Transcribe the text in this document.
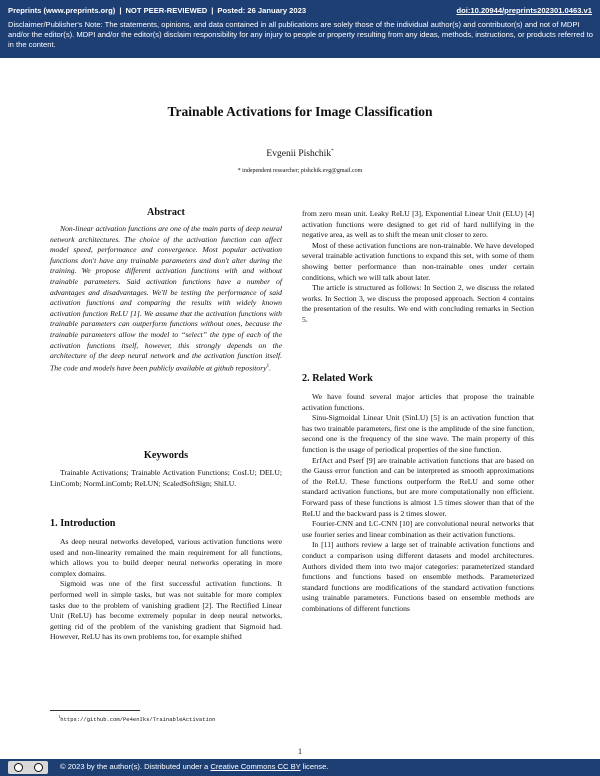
Preprints (www.preprints.org) | NOT PEER-REVIEWED | Posted: 26 January 2023	doi:10.20944/preprints202301.0463.v1
Disclaimer/Publisher's Note: The statements, opinions, and data contained in all publications are solely those of the individual author(s) and contributor(s) and not of MDPI and/or the editor(s). MDPI and/or the editor(s) disclaim responsibility for any injury to people or property resulting from any ideas, methods, instructions, or products referred to in the content.
Trainable Activations for Image Classification
Evgenii Pishchik*
* independent researcher; pishchik.evg@gmail.com
Abstract

Non-linear activation functions are one of the main parts of deep neural network architectures. The choice of the activation function can affect model speed, performance and convergence. Most popular activation functions don't have any trainable parameters and don't alter during the training. We propose different activation functions with and without trainable parameters. Said activation functions have a number of advantages and disadvantages. We'll be testing the performance of said activation functions and comparing the results with widely known activation function ReLU [1]. We assume that the activation functions with trainable parameters can outperform functions without ones, because the trainable parameters allow the model to “select” the type of each of the activation functions itself, however, this strongly depends on the architecture of the deep neural network and the activation function itself. The code and models have been publicly available at github repository$^1$.

Keywords

Trainable Activations; Trainable Activation Functions; CosLU; DELU; LinComb; NormLinComb; ReLUN; ScaledSoftSign; ShiLU.

1. Introduction

As deep neural networks developed, various activation functions were used and non-linearity remained the main requirement for all functions, which allows you to build deeper neural networks operating in more complex domains.

Sigmoid was one of the first successful activation functions. It performed well in simple tasks, but was not suitable for more complex tasks due to the problem of vanishing gradient [2]. The Rectified Linear Unit (ReLU) has become extremely popular in deep neural networks, getting rid of the problem of the vanishing gradient that Sigmoid had. However, ReLU has its own problems too, for example shifted

from zero mean unit. Leaky ReLU [3], Exponential Linear Unit (ELU) [4] activation functions were designed to get rid of hard nullifying in the negative area, as well as to shift the mean unit closer to zero.

Most of these activation functions are non-trainable. We have developed several trainable activation functions to expand this set, with some of them showing better performance than non-trainable ones under certain conditions, which we will talk about later.

The article is structured as follows: In Section 2, we discuss the related works. In Section 3, we discuss the proposed approach. Section 4 contains the presentation of the results. We end with concluding remarks in Section 5.

2. Related Work

We have found several major articles that propose the trainable activation functions.

Sinu-Sigmoidal Linear Unit (SinLU) [5] is an activation function that has two trainable parameters, first one is the amplitude of the sine function, second one is the frequency of the sine wave. The main property of this function is the usage of periodical properties of the sine function.

ErfAct and Pserf [9] are trainable activation functions that are based on the Gauss error function and can be interpreted as smooth approximations of the ReLU. These functions outperform the ReLU and some other standard activation functions, but are more computationally non efficient. Forward pass of these functions is almost 1.5 times slower than that of the ReLU and the backward pass is 2 times slower.

Fourier-CNN and LC-CNN [10] are convolutional neural networks that use fourier series and linear combination as their activation functions.

In [11] authors review a large set of trainable activation functions and conduct a comparison using different datasets and model architectures. Authors divided them into two major categories: parameterized standard functions and functions based on ensemble methods. Parameterized standard functions are modifications of the standard activation functions using trainable parameters. Functions based on ensemble methods are combinations of different functions

$^1$https://github.com/Pe4enIks/TrainableActivation
1
© 2023 by the author(s). Distributed under a Creative Commons CC BY license.
